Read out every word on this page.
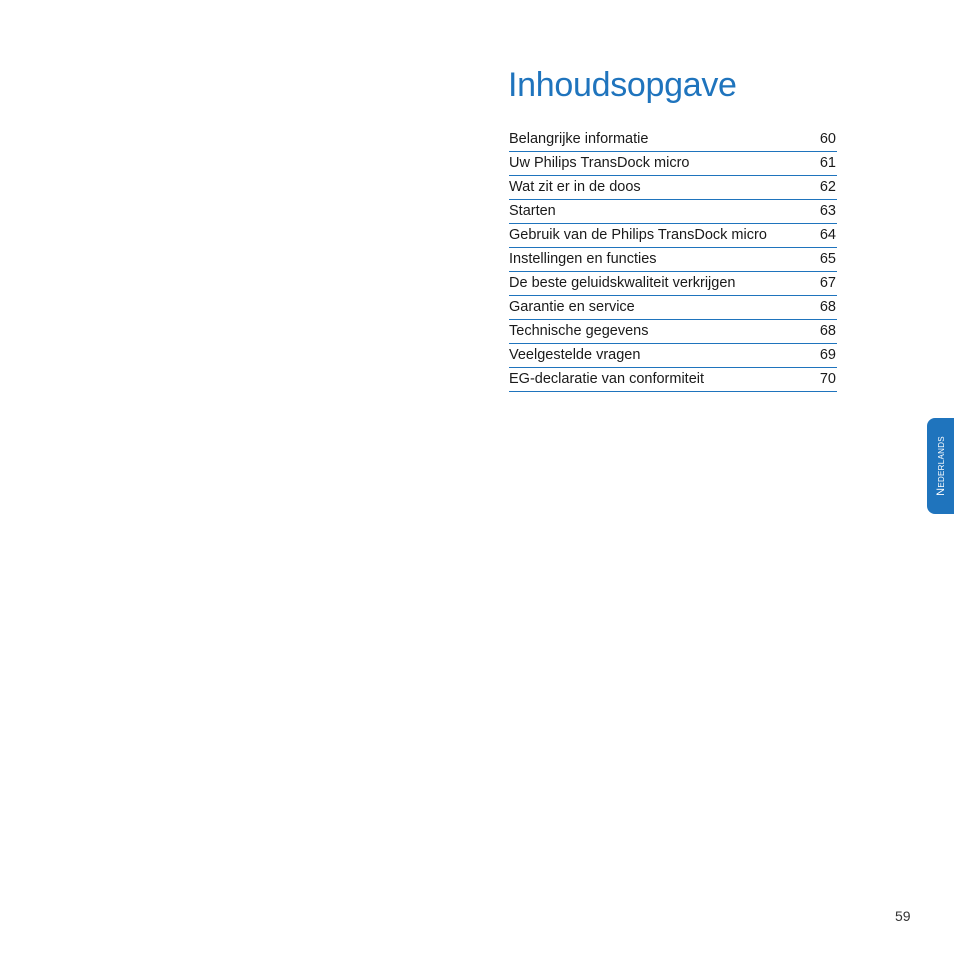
Inhoudsopgave
Belangrijke informatie	60
Uw Philips TransDock micro	61
Wat zit er in de doos	62
Starten	63
Gebruik van de Philips TransDock micro	64
Instellingen en functies	65
De beste geluidskwaliteit verkrijgen	67
Garantie en service	68
Technische gegevens	68
Veelgestelde vragen	69
EG-declaratie van conformiteit	70
Nederlands
59
